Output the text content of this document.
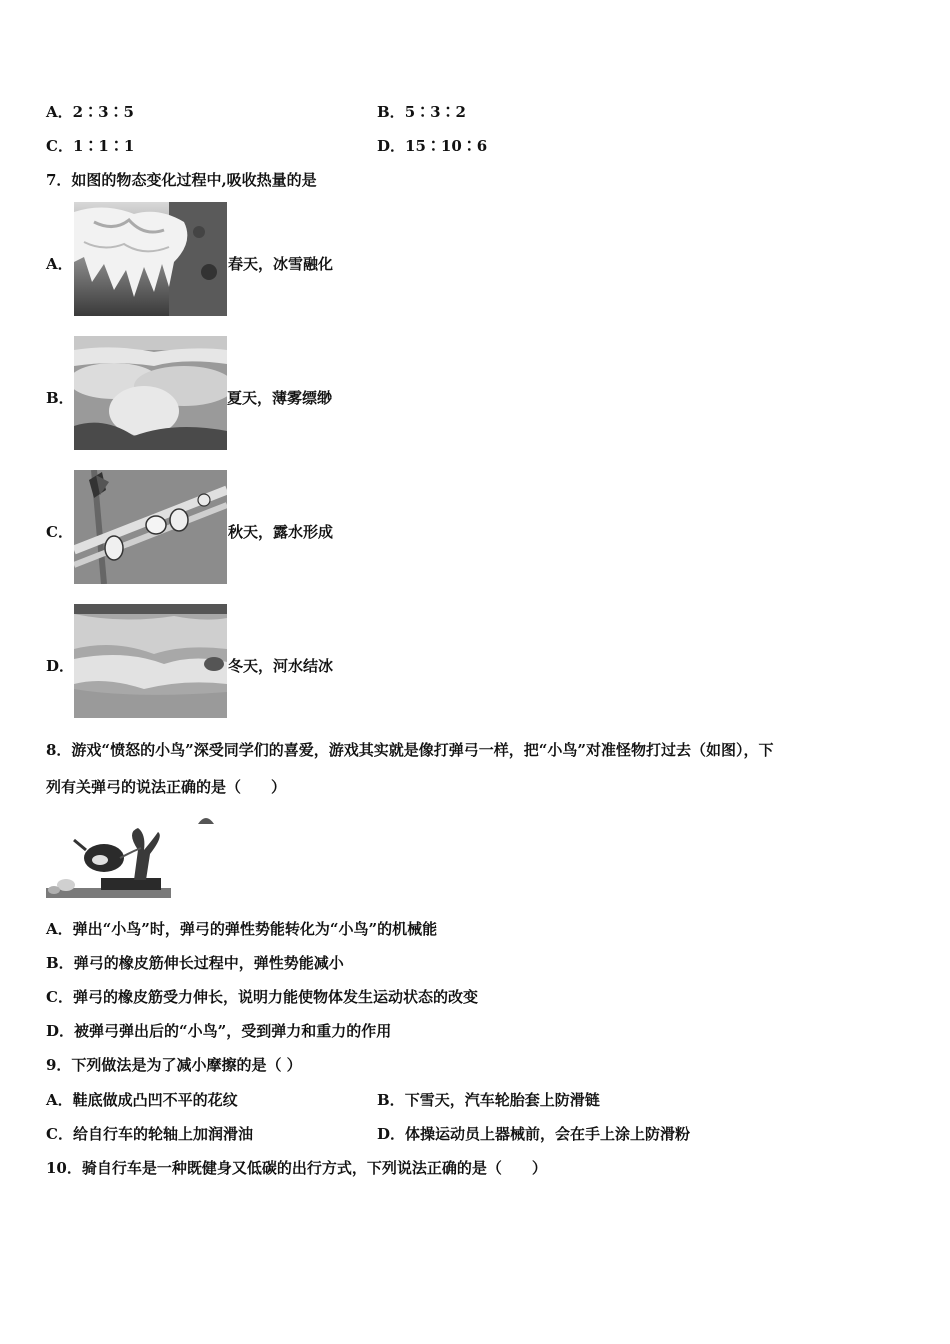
A．2∶3∶5	B．5∶3∶2
C．1∶1∶1	D．15∶10∶6
7．如图的物态变化过程中,吸收热量的是
A．	春天，冰雪融化
B．	夏天，薄雾缥缈
C．	秋天，露水形成
D．	冬天，河水结冰
8．游戏“愤怒的小鸟”深受同学们的喜爱，游戏其实就是像打弹弓一样，把“小鸟”对准怪物打过去（如图），下
列有关弹弓的说法正确的是（　　）
A．弹出“小鸟”时，弹弓的弹性势能转化为“小鸟”的机械能
B．弹弓的橡皮筋伸长过程中，弹性势能减小
C．弹弓的橡皮筋受力伸长，说明力能使物体发生运动状态的改变
D．被弹弓弹出后的“小鸟”，受到弹力和重力的作用
9．下列做法是为了减小摩擦的是（ ）
A．鞋底做成凸凹不平的花纹	B．下雪天，汽车轮胎套上防滑链
C．给自行车的轮轴上加润滑油	D．体操运动员上器械前，会在手上涂上防滑粉
10．骑自行车是一种既健身又低碳的出行方式，下列说法正确的是（　　）
